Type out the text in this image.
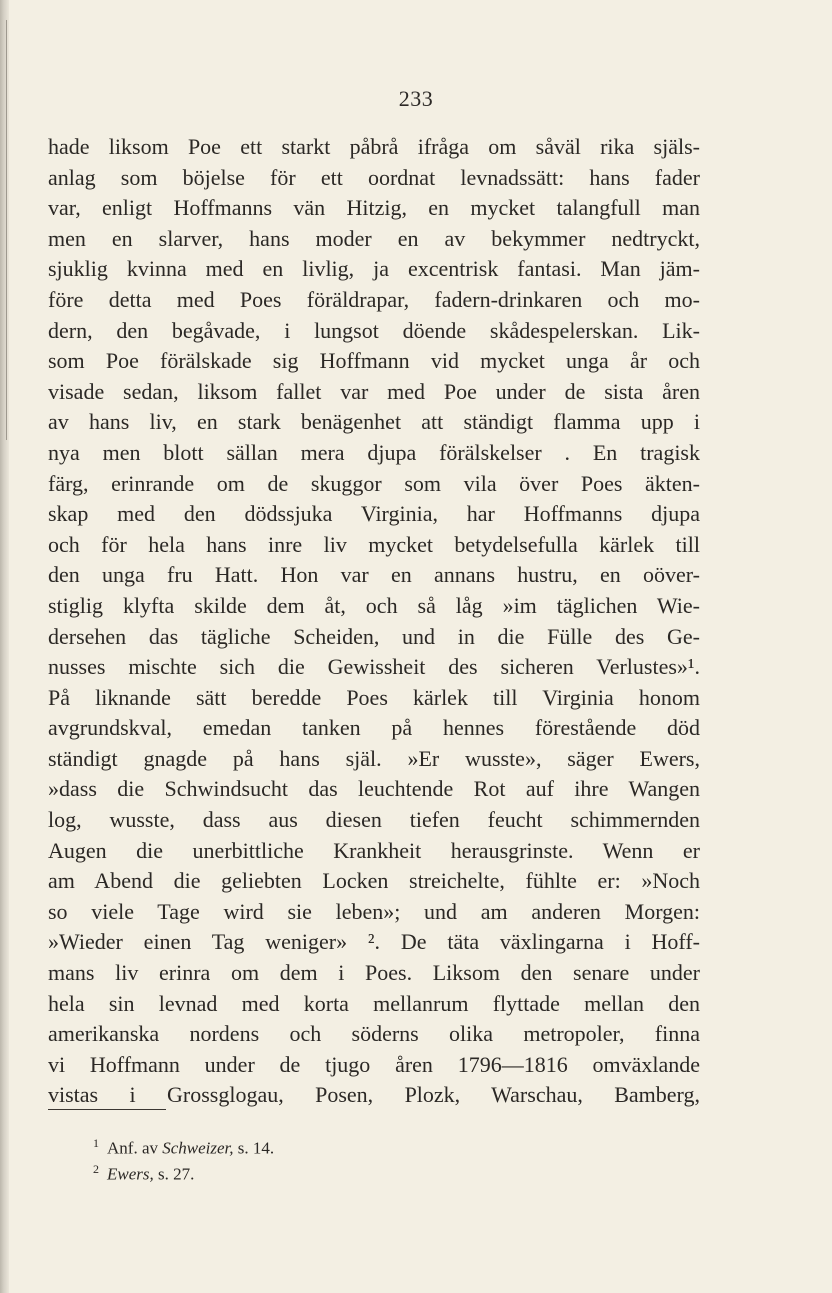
233
hade liksom Poe ett starkt påbrå ifråga om såväl rika själs-
anlag som böjelse för ett oordnat levnadssätt: hans fader
var, enligt Hoffmanns vän Hitzig, en mycket talangfull man
men en slarver, hans moder en av bekymmer nedtryckt,
sjuklig kvinna med en livlig, ja excentrisk fantasi. Man jäm-
före detta med Poes föräldrapar, fadern-drinkaren och mo-
dern, den begåvade, i lungsot döende skådespelerskan. Lik-
som Poe förälskade sig Hoffmann vid mycket unga år och
visade sedan, liksom fallet var med Poe under de sista åren
av hans liv, en stark benägenhet att ständigt flamma upp i
nya men blott sällan mera djupa förälskelser . En tragisk
färg, erinrande om de skuggor som vila över Poes äkten-
skap med den dödssjuka Virginia, har Hoffmanns djupa
och för hela hans inre liv mycket betydelsefulla kärlek till
den unga fru Hatt. Hon var en annans hustru, en oöver-
stiglig klyfta skilde dem åt, och så låg »im täglichen Wie-
dersehen das tägliche Scheiden, und in die Fülle des Ge-
nusses mischte sich die Gewissheit des sicheren Verlustes»¹.
På liknande sätt beredde Poes kärlek till Virginia honom
avgrundskval, emedan tanken på hennes förestående död
ständigt gnagde på hans själ. »Er wusste», säger Ewers,
»dass die Schwindsucht das leuchtende Rot auf ihre Wangen
log, wusste, dass aus diesen tiefen feucht schimmernden
Augen die unerbittliche Krankheit herausgrinste. Wenn er
am Abend die geliebten Locken streichelte, fühlte er: »Noch
so viele Tage wird sie leben»; und am anderen Morgen:
»Wieder einen Tag weniger» ². De täta växlingarna i Hoff-
mans liv erinra om dem i Poes. Liksom den senare under
hela sin levnad med korta mellanrum flyttade mellan den
amerikanska nordens och söderns olika metropoler, finna
vi Hoffmann under de tjugo åren 1796—1816 omväxlande
vistas i Grossglogau, Posen, Plozk, Warschau, Bamberg,
$^1$ Anf. av Schweizer, s. 14.
$^2$ Ewers, s. 27.
